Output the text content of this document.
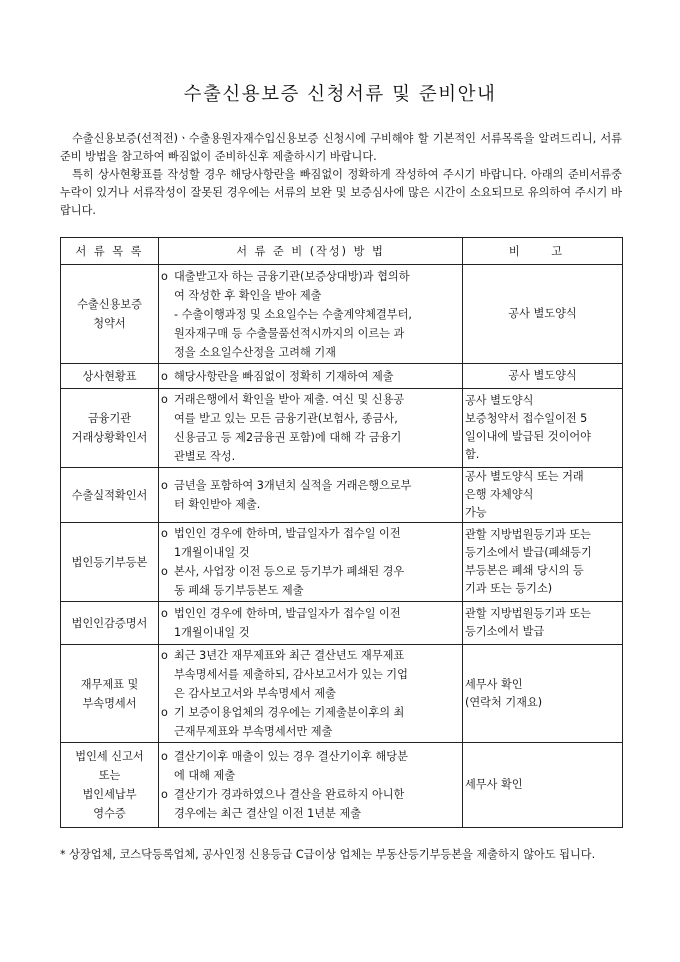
수출신용보증 신청서류 및 준비안내

수출신용보증(선적전)ㆍ수출용원자재수입신용보증 신청시에 구비해야 할 기본적인 서류목록을 알려드리니, 서류준비 방법을 참고하여 빠짐없이 준비하신후 제출하시기 바랍니다.

특히 상사현황표를 작성할 경우 해당사항란을 빠짐없이 정확하게 작성하여 주시기 바랍니다. 아래의 준비서류중 누락이 있거나 서류작성이 잘못된 경우에는 서류의 보완 및 보증심사에 많은 시간이 소요되므로 유의하여 주시기 바랍니다.

서 류 목 록	서 류 준 비 (작성) 방 법	비 고

수출신용보증
청약서	o 대출받고자 하는 금융기관(보증상대방)과 협의하
여 작성한 후 확인을 받아 제출
- 수출이행과정 및 소요일수는 수출계약체결부터,
원자재구매 등 수출물품선적시까지의 이르는 과
정을 소요일수산정을 고려해 기재	공사 별도양식

상사현황표	o 해당사항란을 빠짐없이 정확히 기재하여 제출	공사 별도양식

금융기관
거래상황확인서	o 거래은행에서 확인을 받아 제출. 여신 및 신용공
여를 받고 있는 모든 금융기관(보험사, 종금사,
신용금고 등 제2금융권 포함)에 대해 각 금융기
관별로 작성.	공사 별도양식
보증청약서 접수일이전 5
일이내에 발급된 것이어야
함.

수출실적확인서	o 금년을 포함하여 3개년치 실적을 거래은행으로부
터 확인받아 제출.	공사 별도양식 또는 거래
은행 자체양식
가능

법인등기부등본	o 법인인 경우에 한하며, 발급일자가 접수일 이전
1개월이내일 것
o 본사, 사업장 이전 등으로 등기부가 폐쇄된 경우
동 폐쇄 등기부등본도 제출	관할 지방법원등기과 또는
등기소에서 발급(폐쇄등기
부등본은 폐쇄 당시의 등
기과 또는 등기소)

법인인감증명서	o 법인인 경우에 한하며, 발급일자가 접수일 이전
1개월이내일 것	관할 지방법원등기과 또는
등기소에서 발급

재무제표 및
부속명세서	o 최근 3년간 재무제표와 최근 결산년도 재무제표
부속명세서를 제출하되, 감사보고서가 있는 기업
은 감사보고서와 부속명세서 제출
o 기 보증이용업체의 경우에는 기제출분이후의 최
근재무제표와 부속명세서만 제출	세무사 확인
(연락처 기재요)

법인세 신고서
또는
법인세납부
영수증	o 결산기이후 매출이 있는 경우 결산기이후 해당분
에 대해 제출
o 결산기가 경과하였으나 결산을 완료하지 아니한
경우에는 최근 결산일 이전 1년분 제출	세무사 확인

* 상장업체, 코스닥등록업체, 공사인정 신용등급 C급이상 업체는 부동산등기부등본을 제출하지 않아도 됩니다.
